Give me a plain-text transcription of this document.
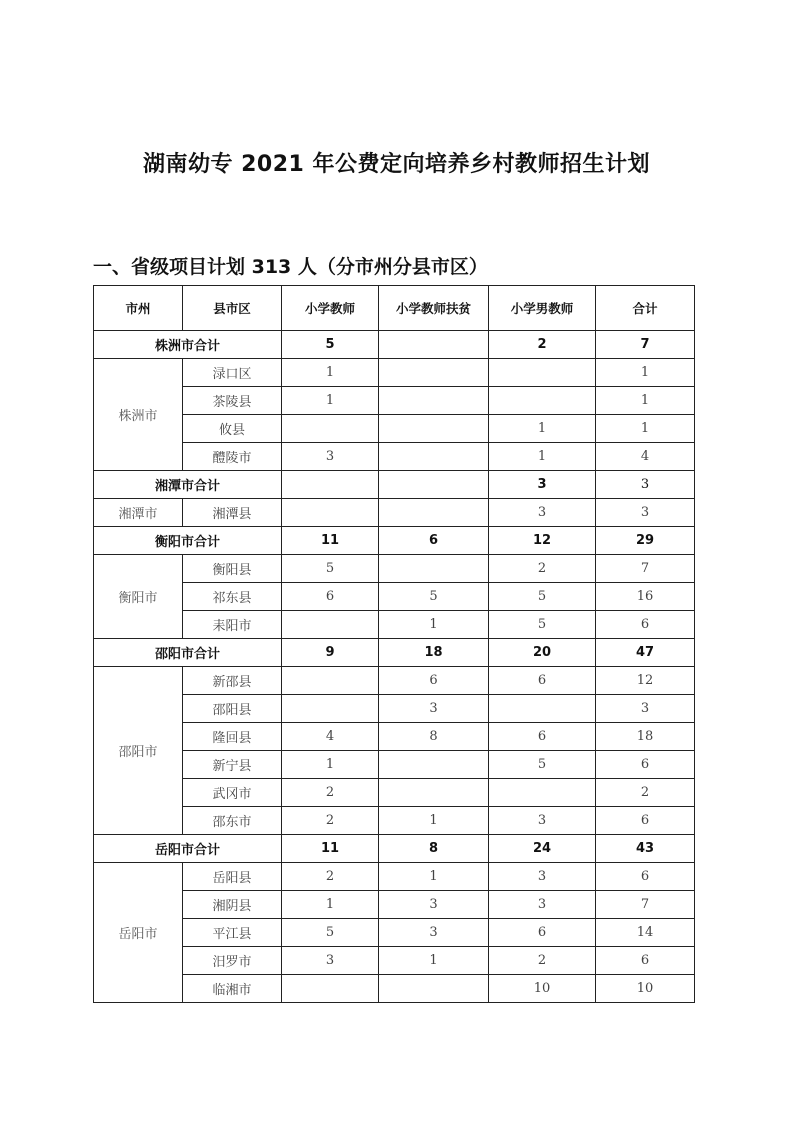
湖南幼专 2021 年公费定向培养乡村教师招生计划
一、省级项目计划 313 人（分市州分县市区）
市州	县市区	小学教师	小学教师扶贫	小学男教师	合计
株洲市合计		5		2	7
株洲市	渌口区	1			1
	茶陵县	1			1
	攸县			1	1
	醴陵市	3		1	4
湘潭市合计				3	3
湘潭市	湘潭县			3	3
衡阳市合计		11	6	12	29
衡阳市	衡阳县	5		2	7
	祁东县	6	5	5	16
	耒阳市		1	5	6
邵阳市合计		9	18	20	47
邵阳市	新邵县		6	6	12
	邵阳县		3		3
	隆回县	4	8	6	18
	新宁县	1		5	6
	武冈市	2			2
	邵东市	2	1	3	6
岳阳市合计		11	8	24	43
岳阳市	岳阳县	2	1	3	6
	湘阴县	1	3	3	7
	平江县	5	3	6	14
	汨罗市	3	1	2	6
	临湘市			10	10
